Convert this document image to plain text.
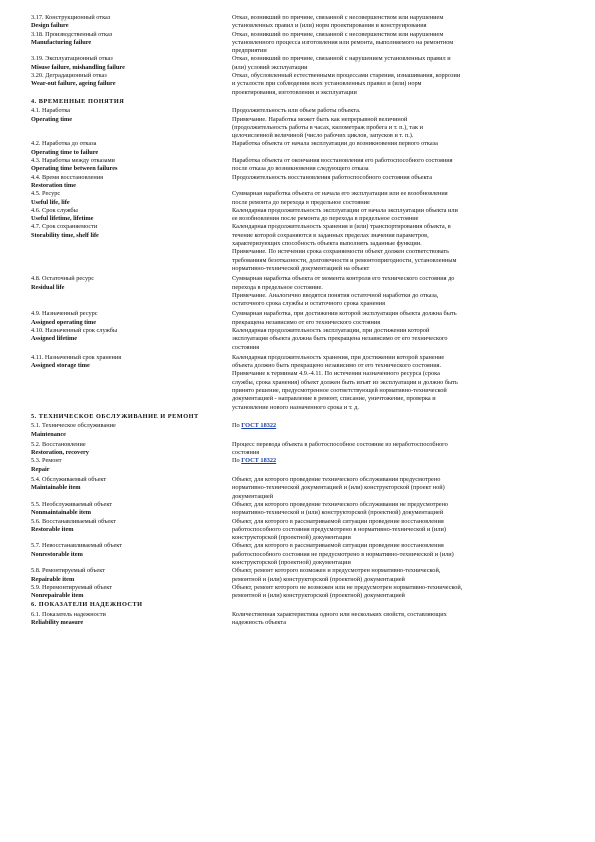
3.17. Конструкционный отказ
Design failure
Отказ, возникший по причине, связанной с несовершенством или нарушением
установленных правил и (или) норм проектирования и конструирования
3.18. Производственный отказ
Manufacturing failure
Отказ, возникший по причине, связанной с несовершенством или нарушением
установленного процесса изготовления или ремонта, выполняемого на ремонтном
предприятии
3.19. Эксплуатационный отказ
Misuse failure, mishandling failure
Отказ, возникший по причине, связанной с нарушением установленных правил и
(или) условий эксплуатации
3.20. Деградационный отказ
Wear-out failure, ageing failure
Отказ, обусловленный естественными процессами старения, изнашивания, коррозии
и усталости при соблюдении всех установленных правил и (или) норм
проектирования, изготовления и эксплуатации
4. ВРЕМЕННЫЕ ПОНЯТИЯ
4.1. Наработка
Operating time
Продолжительность или объем работы объекта.
Примечание. Наработка может быть как непрерывной величиной
(продолжительность работы в часах, километраж пробега и т. п.), так и
целочисленной величиной (число рабочих циклов, запусков и т. п.).
4.2. Наработка до отказа
Operating time to failure
Наработка объекта от начала эксплуатации до возникновения первого отказа
4.3. Наработка между отказами
Operating time between failures
Наработка объекта от окончания восстановления его работоспособного состояния
после отказа до возникновения следующего отказа
4.4. Время восстановления
Restoration time
Продолжительность восстановления работоспособного состояния объекта
4.5. Ресурс
Useful life, life
Суммарная наработка объекта от начала его эксплуатации или ее возобновления
после ремонта до перехода в предельное состояние
4.6. Срок службы
Useful lifetime, lifetime
Календарная продолжительность эксплуатации от начала эксплуатации объекта или
ее возобновления после ремонта до перехода в предельное состояние
4.7. Срок сохраняемости
Storability time, shelf life
Календарная продолжительность хранения и (или) транспортирования объекта, в
течение которой сохраняются в заданных пределах значения параметров,
характеризующих способность объекта выполнять заданные функции.
Примечание. По истечении срока сохраняемости объект должен соответствовать
требованиям безотказности, долговечности и ремонтопригодности, установленным
нормативно-технической документацией на объект
4.8. Остаточный ресурс
Residual life
Суммарная наработка объекта от момента контроля его технического состояния до
перехода в предельное состояние.
Примечание. Аналогично вводятся понятия остаточной наработки до отказа,
остаточного срока службы и остаточного срока хранения
4.9. Назначенный ресурс
Assigned operating time
Суммарная наработка, при достижении которой эксплуатация объекта должна быть
прекращена независимо от его технического состояния
4.10. Назначенный срок службы
Assigned lifetime
Календарная продолжительность эксплуатации, при достижении которой
эксплуатация объекта должна быть прекращена независимо от его технического
состояния
4.11. Назначенный срок хранения
Assigned storage time
Календарная продолжительность хранения, при достижении которой хранение
объекта должно быть прекращено независимо от его технического состояния.
Примечание к терминам 4.9.-4.11. По истечении назначенного ресурса (срока
службы, срока хранения) объект должен быть изъят из эксплуатации и должно быть
принято решение, предусмотренное соответствующей нормативно-технической
документацией - направление в ремонт, списание, уничтожение, проверка и
установление нового назначенного срока и т. д.
5. ТЕХНИЧЕСКОЕ ОБСЛУЖИВАНИЕ И РЕМОНТ
5.1. Техническое обслуживание
Maintenance
По ГОСТ 18322
5.2. Восстановление
Restoration, recovery
Процесс перевода объекта в работоспособное состояние из неработоспособного
состояния
5.3. Ремонт
Repair
По ГОСТ 18322
5.4. Обслуживаемый объект
Maintainable item
Объект, для которого проведение технического обслуживания предусмотрено
нормативно-технической документацией и (или) конструкторской (проект ной)
документацией
5.5. Необслуживаемый объект
Nonmaintainable item
Объект, для которого проведение технического обслуживания не предусмотрено
нормативно-технической и (или) конструкторской (проектной) документацией
5.6. Восстанавливаемый объект
Restorable item
Объект, для которого в рассматриваемой ситуации проведение восстановления
работоспособного состояния предусмотрено в нормативно-технической и (или)
конструкторской (проектной) документации
5.7. Невосстанавливаемый объект
Nonrestorable item
Объект, для которого в рассматриваемой ситуации проведение восстановления
работоспособного состояния не предусмотрено в нормативно-технической и (или)
конструкторской (проектной) документации
5.8. Ремонтируемый объект
Repairable item
Объект, ремонт которого возможен и предусмотрен нормативно-технической,
ремонтной и (или) конструкторской (проектной) документацией
5.9. Неремонтируемый объект
Nonrepairable item
Объект, ремонт которого не возможен или не предусмотрен нормативно-технической,
ремонтной и (или) конструкторской (проектной) документацией
6. ПОКАЗАТЕЛИ НАДЕЖНОСТИ
6.1. Показатель надежности
Reliability measure
Количественная характеристика одного или нескольких свойств, составляющих
надежность объекта
